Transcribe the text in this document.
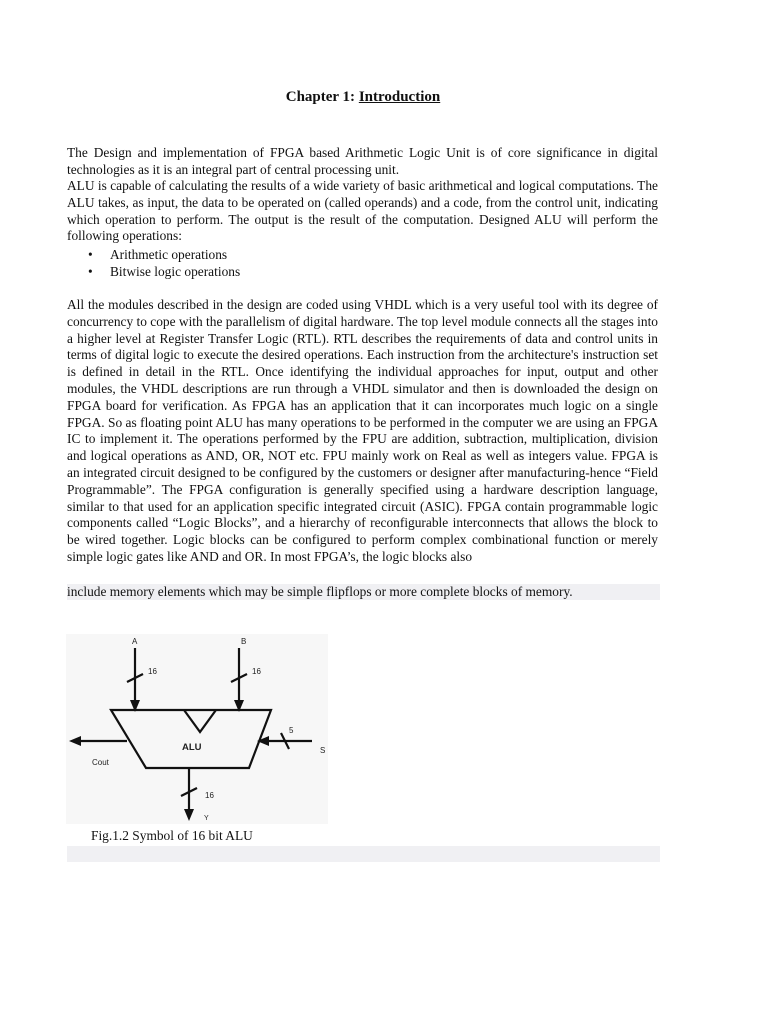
Chapter 1: Introduction

The Design and implementation of FPGA based Arithmetic Logic Unit is of core significance in digital technologies as it is an integral part of central processing unit.

ALU is capable of calculating the results of a wide variety of basic arithmetical and logical computations. The ALU takes, as input, the data to be operated on (called operands) and a code, from the control unit, indicating which operation to perform. The output is the result of the computation. Designed ALU will perform the following operations:

• Arithmetic operations
• Bitwise logic operations

All the modules described in the design are coded using VHDL which is a very useful tool with its degree of concurrency to cope with the parallelism of digital hardware. The top level module connects all the stages into a higher level at Register Transfer Logic (RTL). RTL describes the requirements of data and control units in terms of digital logic to execute the desired operations. Each instruction from the architecture's instruction set is defined in detail in the RTL. Once identifying the individual approaches for input, output and other modules, the VHDL descriptions are run through a VHDL simulator and then is downloaded the design on FPGA board for verification. As FPGA has an application that it can incorporates much logic on a single FPGA. So as floating point ALU has many operations to be performed in the computer we are using an FPGA IC to implement it. The operations performed by the FPU are addition, subtraction, multiplication, division and logical operations as AND, OR, NOT etc. FPU mainly work on Real as well as integers value. FPGA is an integrated circuit designed to be configured by the customers or designer after manufacturing-hence “Field Programmable”. The FPGA configuration is generally specified using a hardware description language, similar to that used for an application specific integrated circuit (ASIC). FPGA contain programmable logic components called “Logic Blocks”, and a hierarchy of reconfigurable interconnects that allows the block to be wired together. Logic blocks can be configured to perform complex combinational function or merely simple logic gates like AND and OR. In most FPGA’s, the logic blocks also

include memory elements which may be simple flipflops or more complete blocks of memory.
A
16
B
16
ALU
5
S
Cout
16
Y

Fig.1.2 Symbol of 16 bit ALU
